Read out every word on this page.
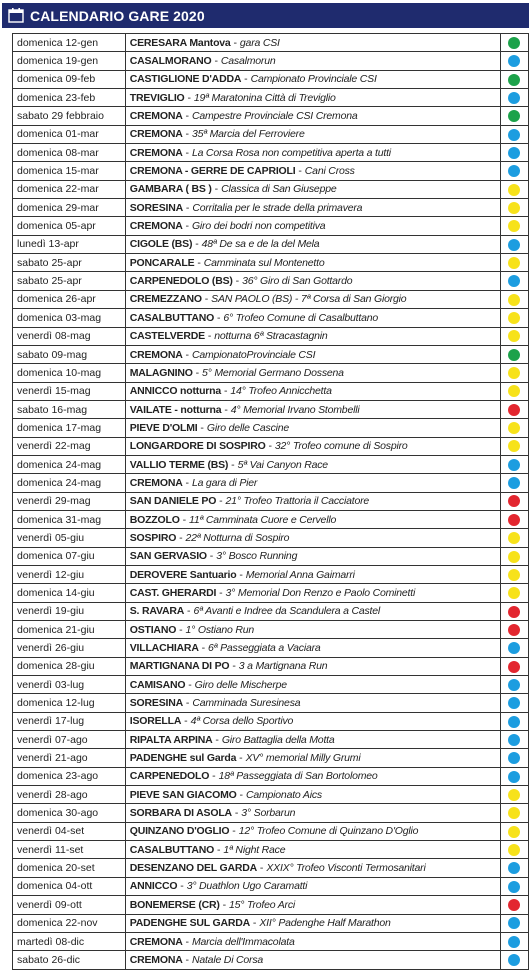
CALENDARIO GARE 2020
domenica 12-gen	CERESARA Mantova - gara CSI	
domenica 19-gen	CASALMORANO - Casalmorun	
domenica 09-feb	CASTIGLIONE D'ADDA - Campionato Provinciale CSI	
domenica 23-feb	TREVIGLIO - 19ª Maratonina Città di Treviglio	
sabato 29 febbraio	CREMONA - Campestre Provinciale CSI Cremona	
domenica 01-mar	CREMONA - 35ª Marcia del Ferroviere	
domenica 08-mar	CREMONA - La Corsa Rosa non competitiva aperta a tutti	
domenica 15-mar	CREMONA - GERRE DE CAPRIOLI - Cani Cross	
domenica 22-mar	GAMBARA ( BS ) - Classica di San Giuseppe	
domenica 29-mar	SORESINA - Corritalia per le strade della primavera	
domenica 05-apr	CREMONA - Giro dei bodri non competitiva	
lunedì 13-apr	CIGOLE (BS) - 48ª De sa e de la del Mela	
sabato 25-apr	PONCARALE - Camminata sul Montenetto	
sabato 25-apr	CARPENEDOLO (BS) - 36° Giro di San Gottardo	
domenica 26-apr	CREMEZZANO - SAN PAOLO (BS) - 7ª Corsa di San Giorgio	
domenica 03-mag	CASALBUTTANO - 6° Trofeo Comune di Casalbuttano	
venerdì 08-mag	CASTELVERDE - notturna 6ª Stracastagnin	
sabato 09-mag	CREMONA - CampionatoProvinciale CSI	
domenica 10-mag	MALAGNINO - 5° Memorial Germano Dossena	
venerdì 15-mag	ANNICCO notturna - 14° Trofeo Annicchetta	
sabato 16-mag	VAILATE - notturna - 4° Memorial Irvano Stombelli	
domenica 17-mag	PIEVE D'OLMI - Giro delle Cascine	
venerdì 22-mag	LONGARDORE DI SOSPIRO - 32° Trofeo comune di Sospiro	
domenica 24-mag	VALLIO TERME (BS) - 5ª Vai Canyon Race	
domenica 24-mag	CREMONA - La gara di Pier	
venerdì 29-mag	SAN DANIELE PO - 21° Trofeo Trattoria il Cacciatore	
domenica 31-mag	BOZZOLO - 11ª Camminata Cuore e Cervello	
venerdì 05-giu	SOSPIRO - 22ª Notturna di Sospiro	
domenica 07-giu	SAN GERVASIO - 3° Bosco Running	
venerdì 12-giu	DEROVERE Santuario - Memorial Anna Gaimarri	
domenica 14-giu	CAST. GHERARDI - 3° Memorial Don Renzo e Paolo Cominetti	
venerdì 19-giu	S. RAVARA - 6ª Avanti e Indree da Scandulera a Castel	
domenica 21-giu	OSTIANO - 1° Ostiano Run	
venerdì 26-giu	VILLACHIARA - 6ª Passeggiata a Vaciara	
domenica 28-giu	MARTIGNANA DI PO - 3 a Martignana Run	
venerdì 03-lug	CAMISANO - Giro delle Mischerpe	
domenica 12-lug	SORESINA - Camminada Suresinesa	
venerdì 17-lug	ISORELLA - 4ª Corsa dello Sportivo	
venerdì 07-ago	RIPALTA ARPINA - Giro Battaglia della Motta	
venerdì 21-ago	PADENGHE sul Garda - XV° memorial Milly Grumi	
domenica 23-ago	CARPENEDOLO - 18ª Passeggiata di San Bortolomeo	
venerdì 28-ago	PIEVE SAN GIACOMO - Campionato Aics	
domenica 30-ago	SORBARA DI ASOLA - 3° Sorbarun	
venerdì 04-set	QUINZANO D'OGLIO - 12° Trofeo Comune di Quinzano D'Oglio	
venerdì 11-set	CASALBUTTANO - 1ª Night Race	
domenica 20-set	DESENZANO DEL GARDA - XXIX° Trofeo Visconti Termosanitari	
domenica 04-ott	ANNICCO - 3° Duathlon Ugo Caramatti	
venerdì 09-ott	BONEMERSE (CR) - 15° Trofeo Arci	
domenica 22-nov	PADENGHE SUL GARDA - XII° Padenghe Half Marathon	
martedì 08-dic	CREMONA - Marcia dell'Immacolata	
sabato 26-dic	CREMONA - Natale Di Corsa	
